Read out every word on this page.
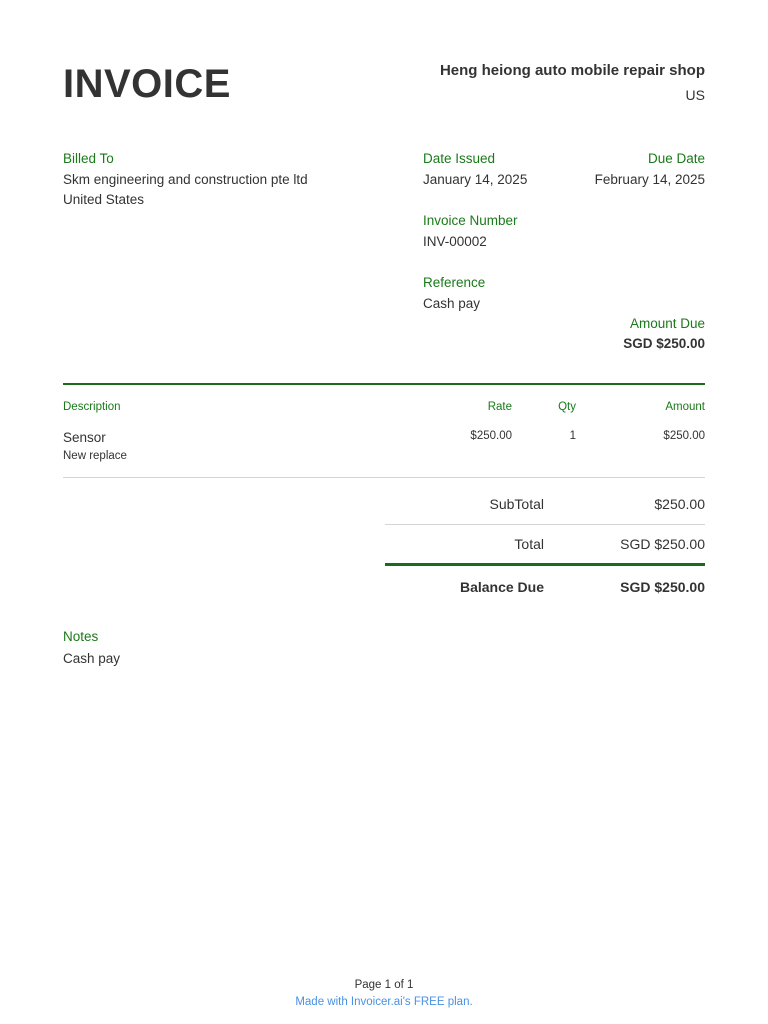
INVOICE	Heng heiong auto mobile repair shop
US
Billed To
Skm engineering and construction pte ltd
United States
Date Issued
January 14, 2025
Due Date
February 14, 2025
Invoice Number
INV-00002
Reference
Cash pay
Amount Due
SGD $250.00
Description	Rate	Qty	Amount
Sensor
New replace
$250.00	1	$250.00
SubTotal	$250.00
Total	SGD $250.00
Balance Due	SGD $250.00
Notes
Cash pay
Page 1 of 1
Made with Invoicer.ai's FREE plan.
